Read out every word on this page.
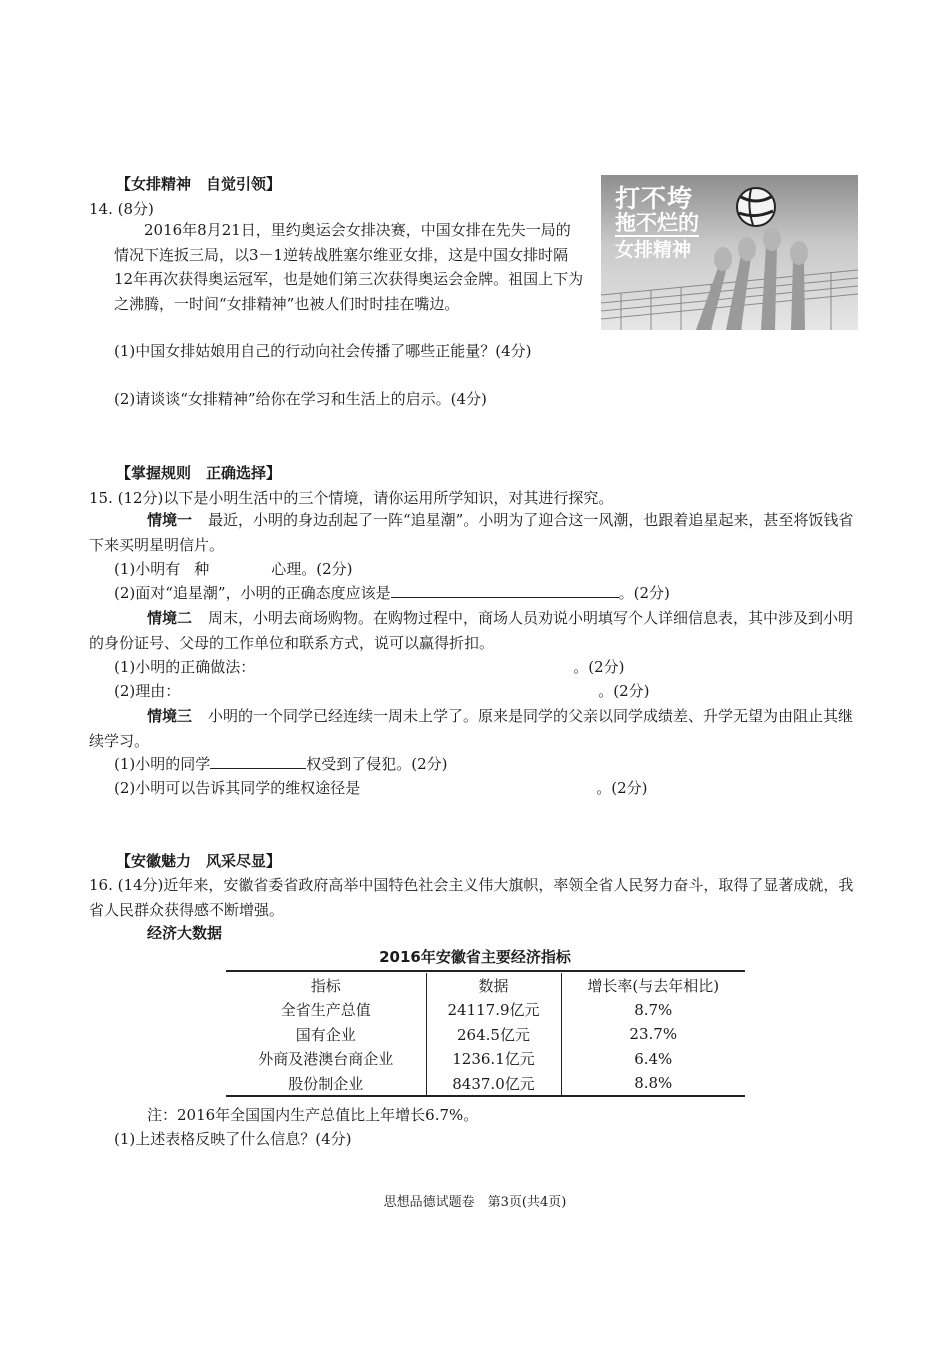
【女排精神　自觉引领】
14. (8分)
2016年8月21日，里约奥运会女排决赛，中国女排在先失一局的情况下连扳三局，以3－1逆转战胜塞尔维亚女排，这是中国女排时隔12年再次获得奥运冠军，也是她们第三次获得奥运会金牌。祖国上下为之沸腾，一时间“女排精神”也被人们时时挂在嘴边。
(1)中国女排姑娘用自己的行动向社会传播了哪些正能量？(4分)
(2)请谈谈“女排精神”给你在学习和生活上的启示。(4分)
打不垮
拖不烂的
女排精神
【掌握规则　正确选择】
15. (12分)以下是小明生活中的三个情境，请你运用所学知识，对其进行探究。
情境一 最近，小明的身边刮起了一阵“追星潮”。小明为了迎合这一风潮，也跟着追星起来，甚至将饭钱省下来买明星明信片。
(1)小明有 种	心理。(2分)
(2)面对“追星潮”，小明的正确态度应该是	。(2分)
情境二 周末，小明去商场购物。在购物过程中，商场人员劝说小明填写个人详细信息表，其中涉及到小明的身份证号、父母的工作单位和联系方式，说可以赢得折扣。
(1)小明的正确做法：	。(2分)
(2)理由：	。(2分)
情境三 小明的一个同学已经连续一周未上学了。原来是同学的父亲以同学成绩差、升学无望为由阻止其继续学习。
(1)小明的同学	权受到了侵犯。(2分)
(2)小明可以告诉其同学的维权途径是	。(2分)
【安徽魅力　风采尽显】
16. (14分)近年来，安徽省委省政府高举中国特色社会主义伟大旗帜，率领全省人民努力奋斗，取得了显著成就，我省人民群众获得感不断增强。
经济大数据
2016年安徽省主要经济指标
指标	数据	增长率(与去年相比)
全省生产总值	24117.9亿元	8.7%
国有企业	264.5亿元	23.7%
外商及港澳台商企业	1236.1亿元	6.4%
股份制企业	8437.0亿元	8.8%
注：2016年全国国内生产总值比上年增长6.7%。
(1)上述表格反映了什么信息？(4分)
思想品德试题卷　第3页(共4页)
